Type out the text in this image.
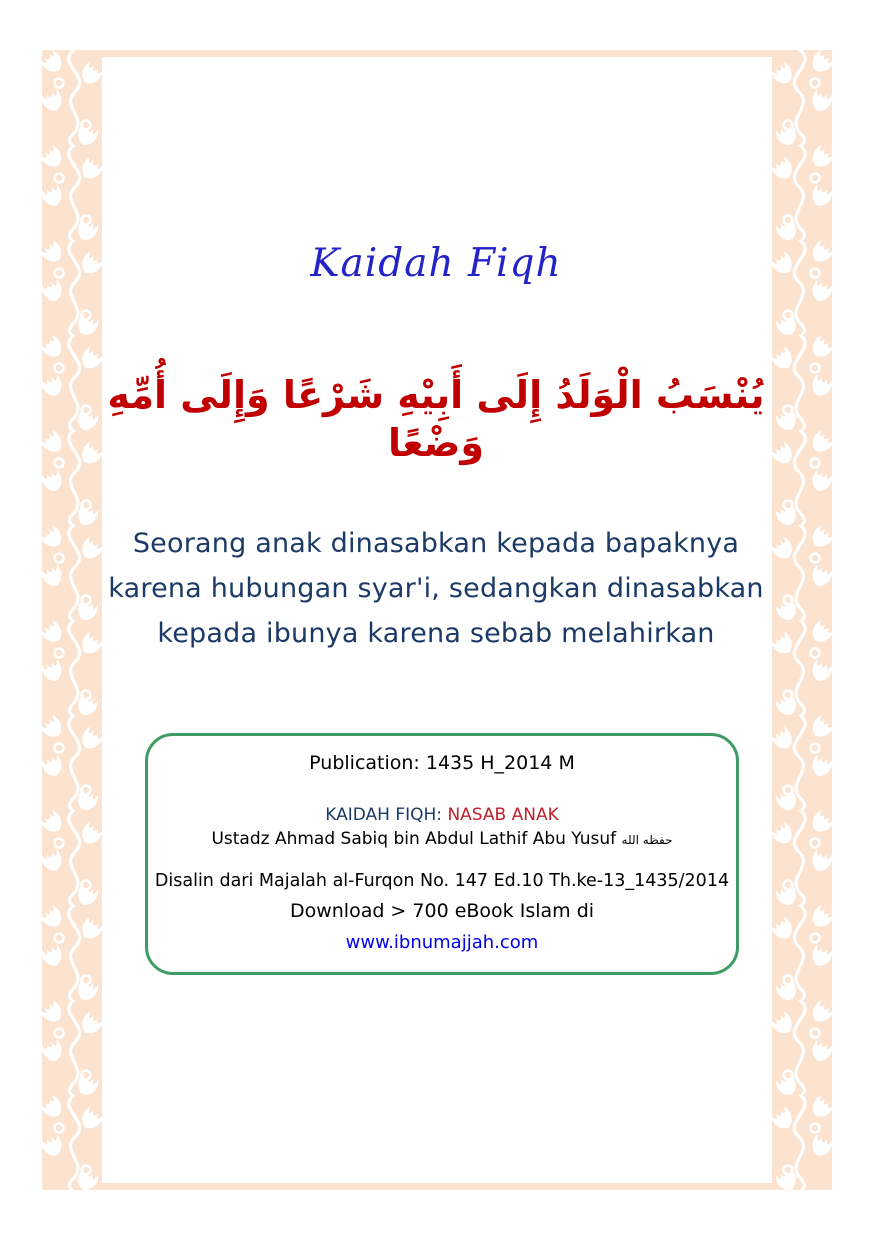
Kaidah Fiqh
يُنْسَبُ الْوَلَدُ إِلَى أَبِيْهِ شَرْعًا وَإِلَى أُمِّهِ وَضْعًا
Seorang anak dinasabkan kepada bapaknya
karena hubungan syar'i, sedangkan dinasabkan
kepada ibunya karena sebab melahirkan
Publication: 1435 H_2014 M
KAIDAH FIQH: NASAB ANAK
Ustadz Ahmad Sabiq bin Abdul Lathif Abu Yusuf حفظه الله
Disalin dari Majalah al-Furqon No. 147 Ed.10 Th.ke-13_1435/2014
Download > 700 eBook Islam di
www.ibnumajjah.com
